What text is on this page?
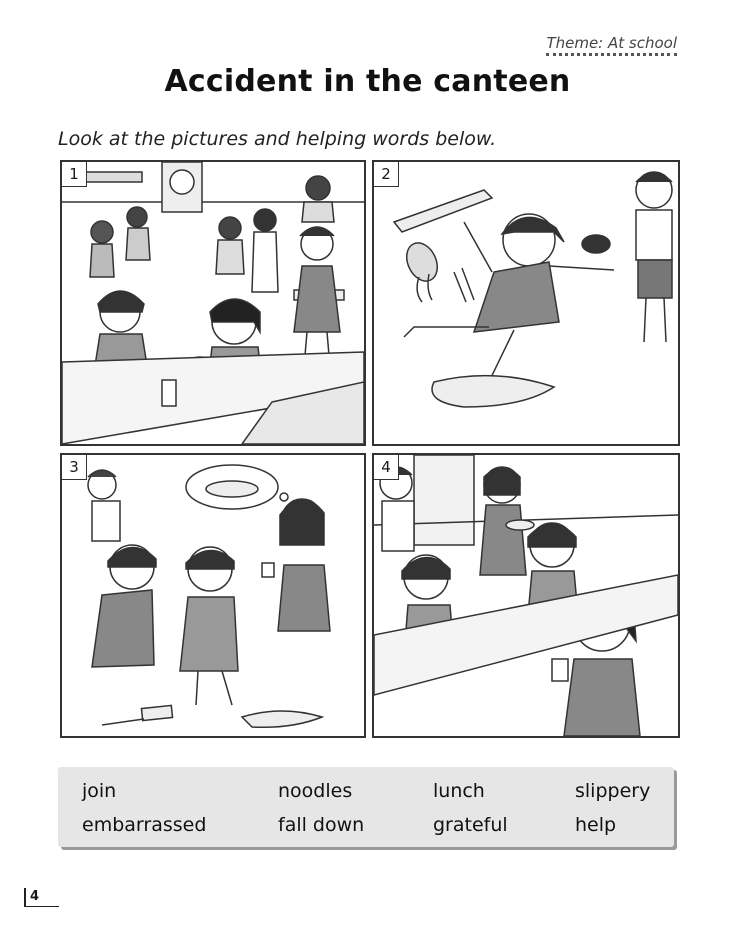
Theme: At school
Accident in the canteen
Look at the pictures and helping words below.
1	2
3	4
join	noodles	lunch	slippery
embarrassed	fall down	grateful	help
4
